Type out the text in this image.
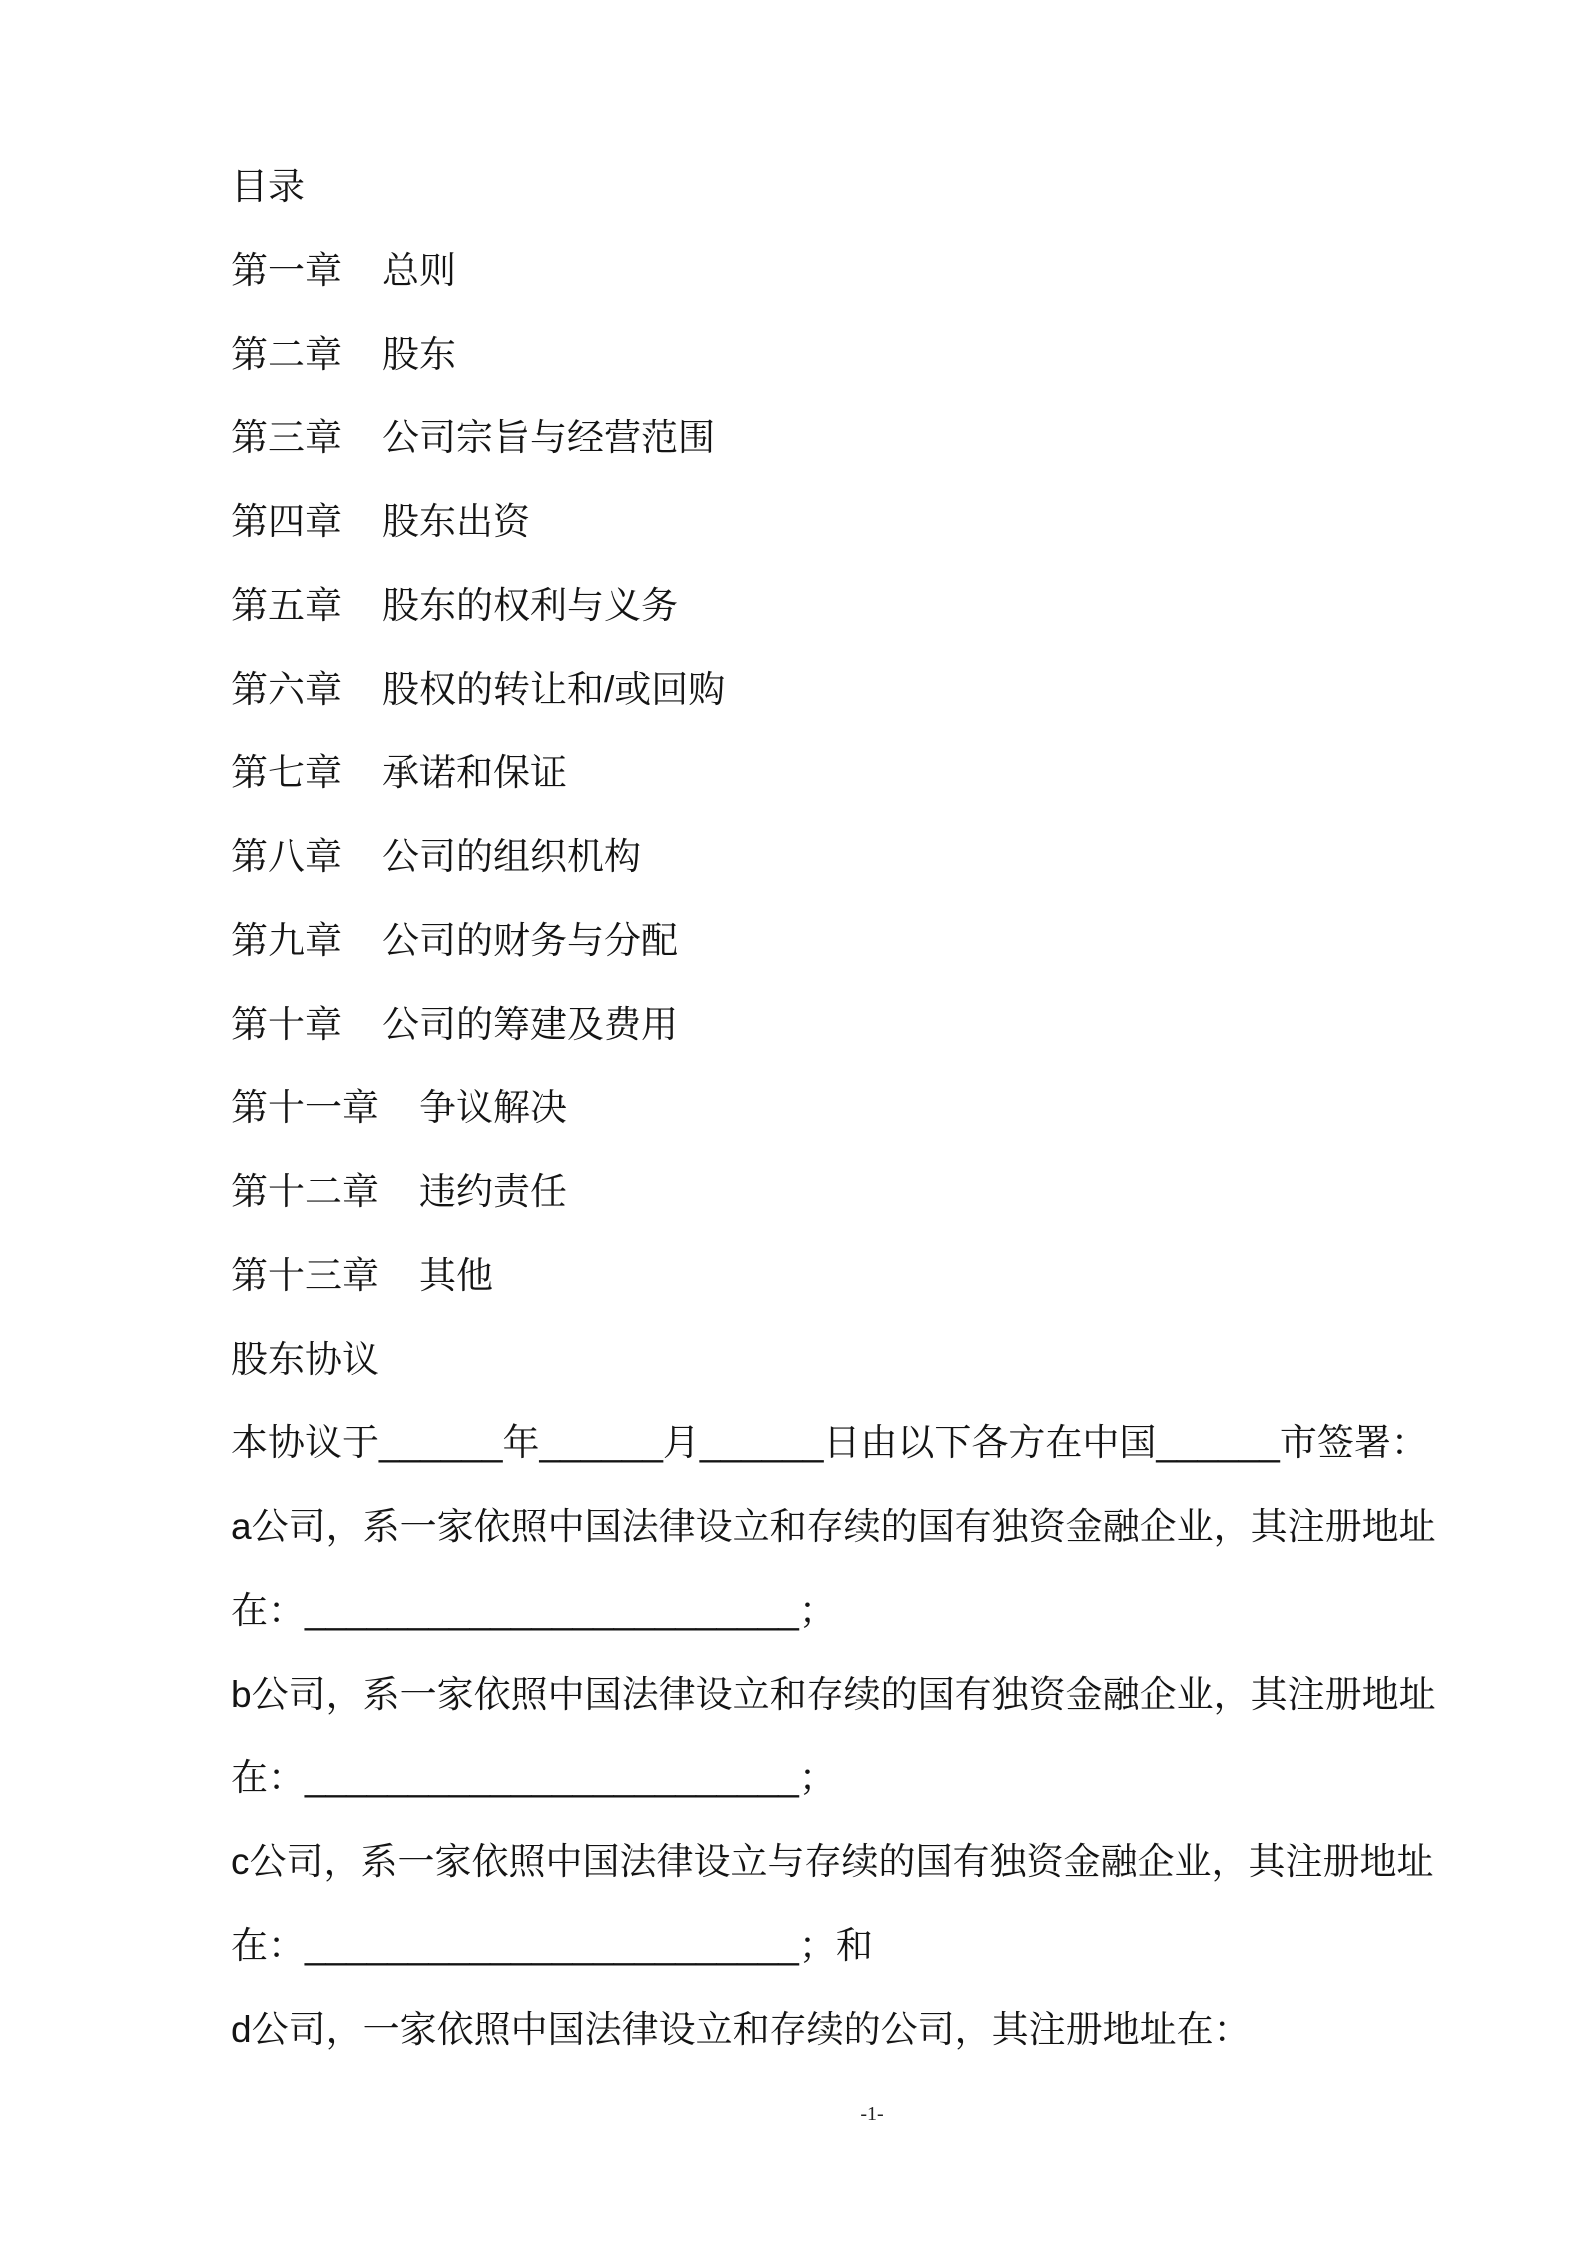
目录
第一章 总则
第二章 股东
第三章 公司宗旨与经营范围
第四章 股东出资
第五章 股东的权利与义务
第六章 股权的转让和/或回购
第七章 承诺和保证
第八章 公司的组织机构
第九章 公司的财务与分配
第十章 公司的筹建及费用
第十一章 争议解决
第十二章 违约责任
第十三章 其他
股东协议
本协议于______年______月______日由以下各方在中国______市签署：
a公司，系一家依照中国法律设立和存续的国有独资金融企业，其注册地址
在：________________________；
b公司，系一家依照中国法律设立和存续的国有独资金融企业，其注册地址
在：________________________；
c公司，系一家依照中国法律设立与存续的国有独资金融企业，其注册地址
在：________________________；和
d公司，一家依照中国法律设立和存续的公司，其注册地址在：
-1-
